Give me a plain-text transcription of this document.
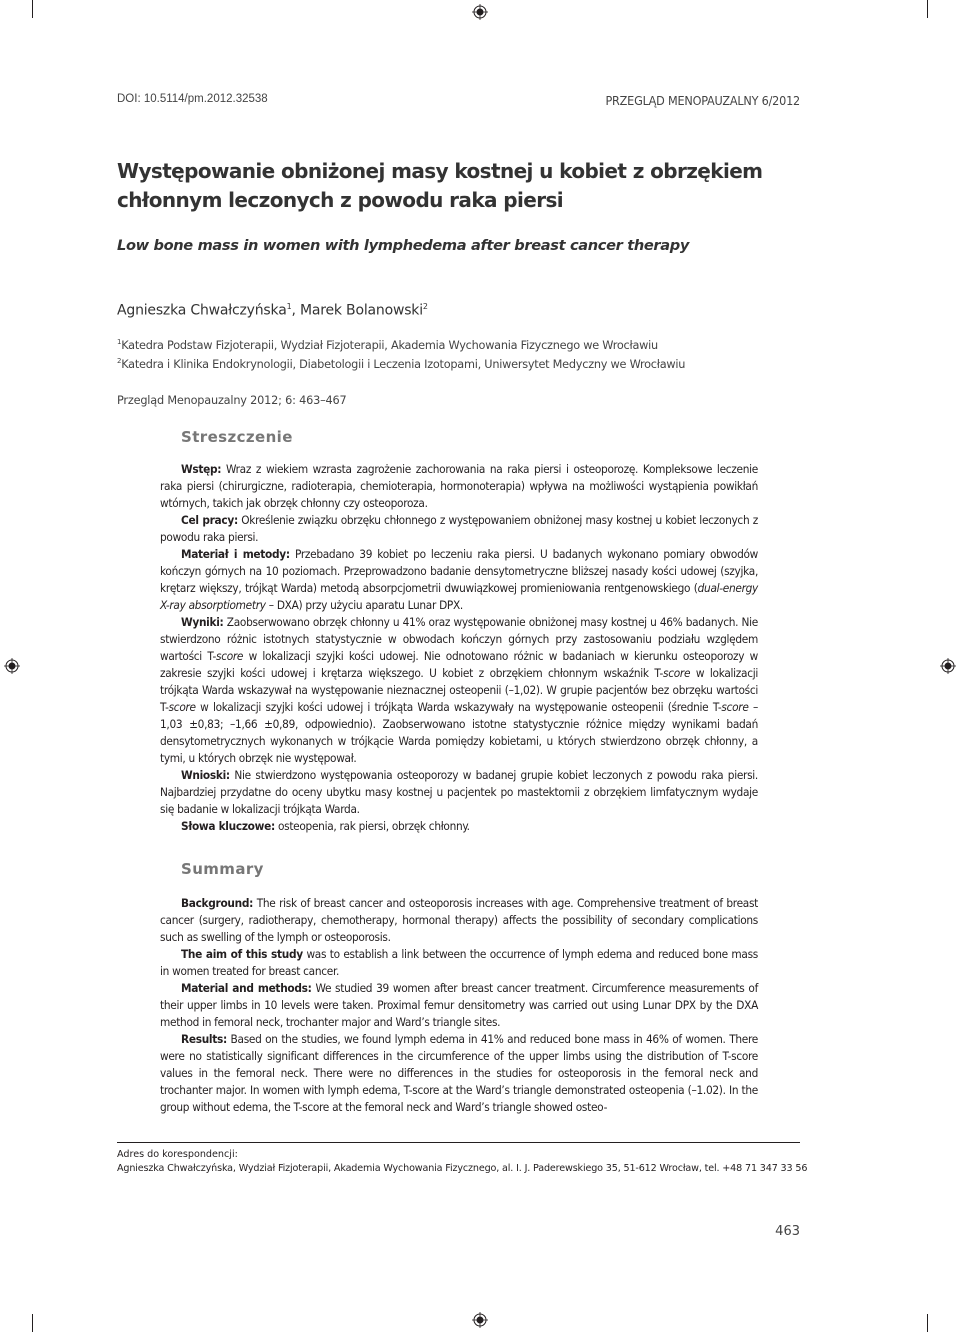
DOI: 10.5114/pm.2012.32538	PRZEGLĄD MENOPAUZALNY 6/2012
Występowanie obniżonej masy kostnej u kobiet z obrzękiem chłonnym leczonych z powodu raka piersi
Low bone mass in women with lymphedema after breast cancer therapy
Agnieszka Chwałczyńska$^1$, Marek Bolanowski$^2$
$^1$Katedra Podstaw Fizjoterapii, Wydział Fizjoterapii, Akademia Wychowania Fizycznego we Wrocławiu
$^2$Katedra i Klinika Endokrynologii, Diabetologii i Leczenia Izotopami, Uniwersytet Medyczny we Wrocławiu
Przegląd Menopauzalny 2012; 6: 463–467
Streszczenie

Wstęp: Wraz z wiekiem wzrasta zagrożenie zachorowania na raka piersi i osteoporozę. Kompleksowe leczenie raka piersi (chirurgiczne, radioterapia, chemioterapia, hormonoterapia) wpływa na możliwości wystąpienia powikłań wtórnych, takich jak obrzęk chłonny czy osteoporoza.

Cel pracy: Określenie związku obrzęku chłonnego z występowaniem obniżonej masy kostnej u kobiet leczonych z powodu raka piersi.

Materiał i metody: Przebadano 39 kobiet po leczeniu raka piersi. U badanych wykonano pomiary obwodów kończyn górnych na 10 poziomach. Przeprowadzono badanie densytometryczne bliższej nasady kości udowej (szyjka, krętarz większy, trójkąt Warda) metodą absorpcjometrii dwuwiązkowej promieniowania rentgenowskiego (dual-energy X-ray absorptiometry – DXA) przy użyciu aparatu Lunar DPX.

Wyniki: Zaobserwowano obrzęk chłonny u 41% oraz występowanie obniżonej masy kostnej u 46% badanych. Nie stwierdzono różnic istotnych statystycznie w obwodach kończyn górnych przy zastosowaniu podziału względem wartości T-score w lokalizacji szyjki kości udowej. Nie odnotowano różnic w badaniach w kierunku osteoporozy w zakresie szyjki kości udowej i krętarza większego. U kobiet z obrzękiem chłonnym wskaźnik T-score w lokalizacji trójkąta Warda wskazywał na występowanie nieznacznej osteopenii (–1,02). W grupie pacjentów bez obrzęku wartości T-score w lokalizacji szyjki kości udowej i trójkąta Warda wskazywały na występowanie osteopenii (średnie T-score –1,03 ±0,83; –1,66 ±0,89, odpowiednio). Zaobserwowano istotne statystycznie różnice między wynikami badań densytometrycznych wykonanych w trójkącie Warda pomiędzy kobietami, u których stwierdzono obrzęk chłonny, a tymi, u których obrzęk nie występował.

Wnioski: Nie stwierdzono występowania osteoporozy w badanej grupie kobiet leczonych z powodu raka piersi. Najbardziej przydatne do oceny ubytku masy kostnej u pacjentek po mastektomii z obrzękiem limfatycznym wydaje się badanie w lokalizacji trójkąta Warda.

Słowa kluczowe: osteopenia, rak piersi, obrzęk chłonny.

Summary

Background: The risk of breast cancer and osteoporosis increases with age. Comprehensive treatment of breast cancer (surgery, radiotherapy, chemotherapy, hormonal therapy) affects the possibility of secondary complications such as swelling of the lymph or osteoporosis.

The aim of this study was to establish a link between the occurrence of lymph edema and reduced bone mass in women treated for breast cancer.

Material and methods: We studied 39 women after breast cancer treatment. Circumference measurements of their upper limbs in 10 levels were taken. Proximal femur densitometry was carried out using Lunar DPX by the DXA method in femoral neck, trochanter major and Ward’s triangle sites.

Results: Based on the studies, we found lymph edema in 41% and reduced bone mass in 46% of women. There were no statistically significant differences in the circumference of the upper limbs using the distribution of T-score values in the femoral neck. There were no differences in the studies for osteoporosis in the femoral neck and trochanter major. In women with lymph edema, T-score at the Ward’s triangle demonstrated osteopenia (–1.02). In the group without edema, the T-score at the femoral neck and Ward’s triangle showed osteo-

Adres do korespondencji:
Agnieszka Chwałczyńska, Wydział Fizjoterapii, Akademia Wychowania Fizycznego, al. I. J. Paderewskiego 35, 51-612 Wrocław, tel. +48 71 347 33 56
463
